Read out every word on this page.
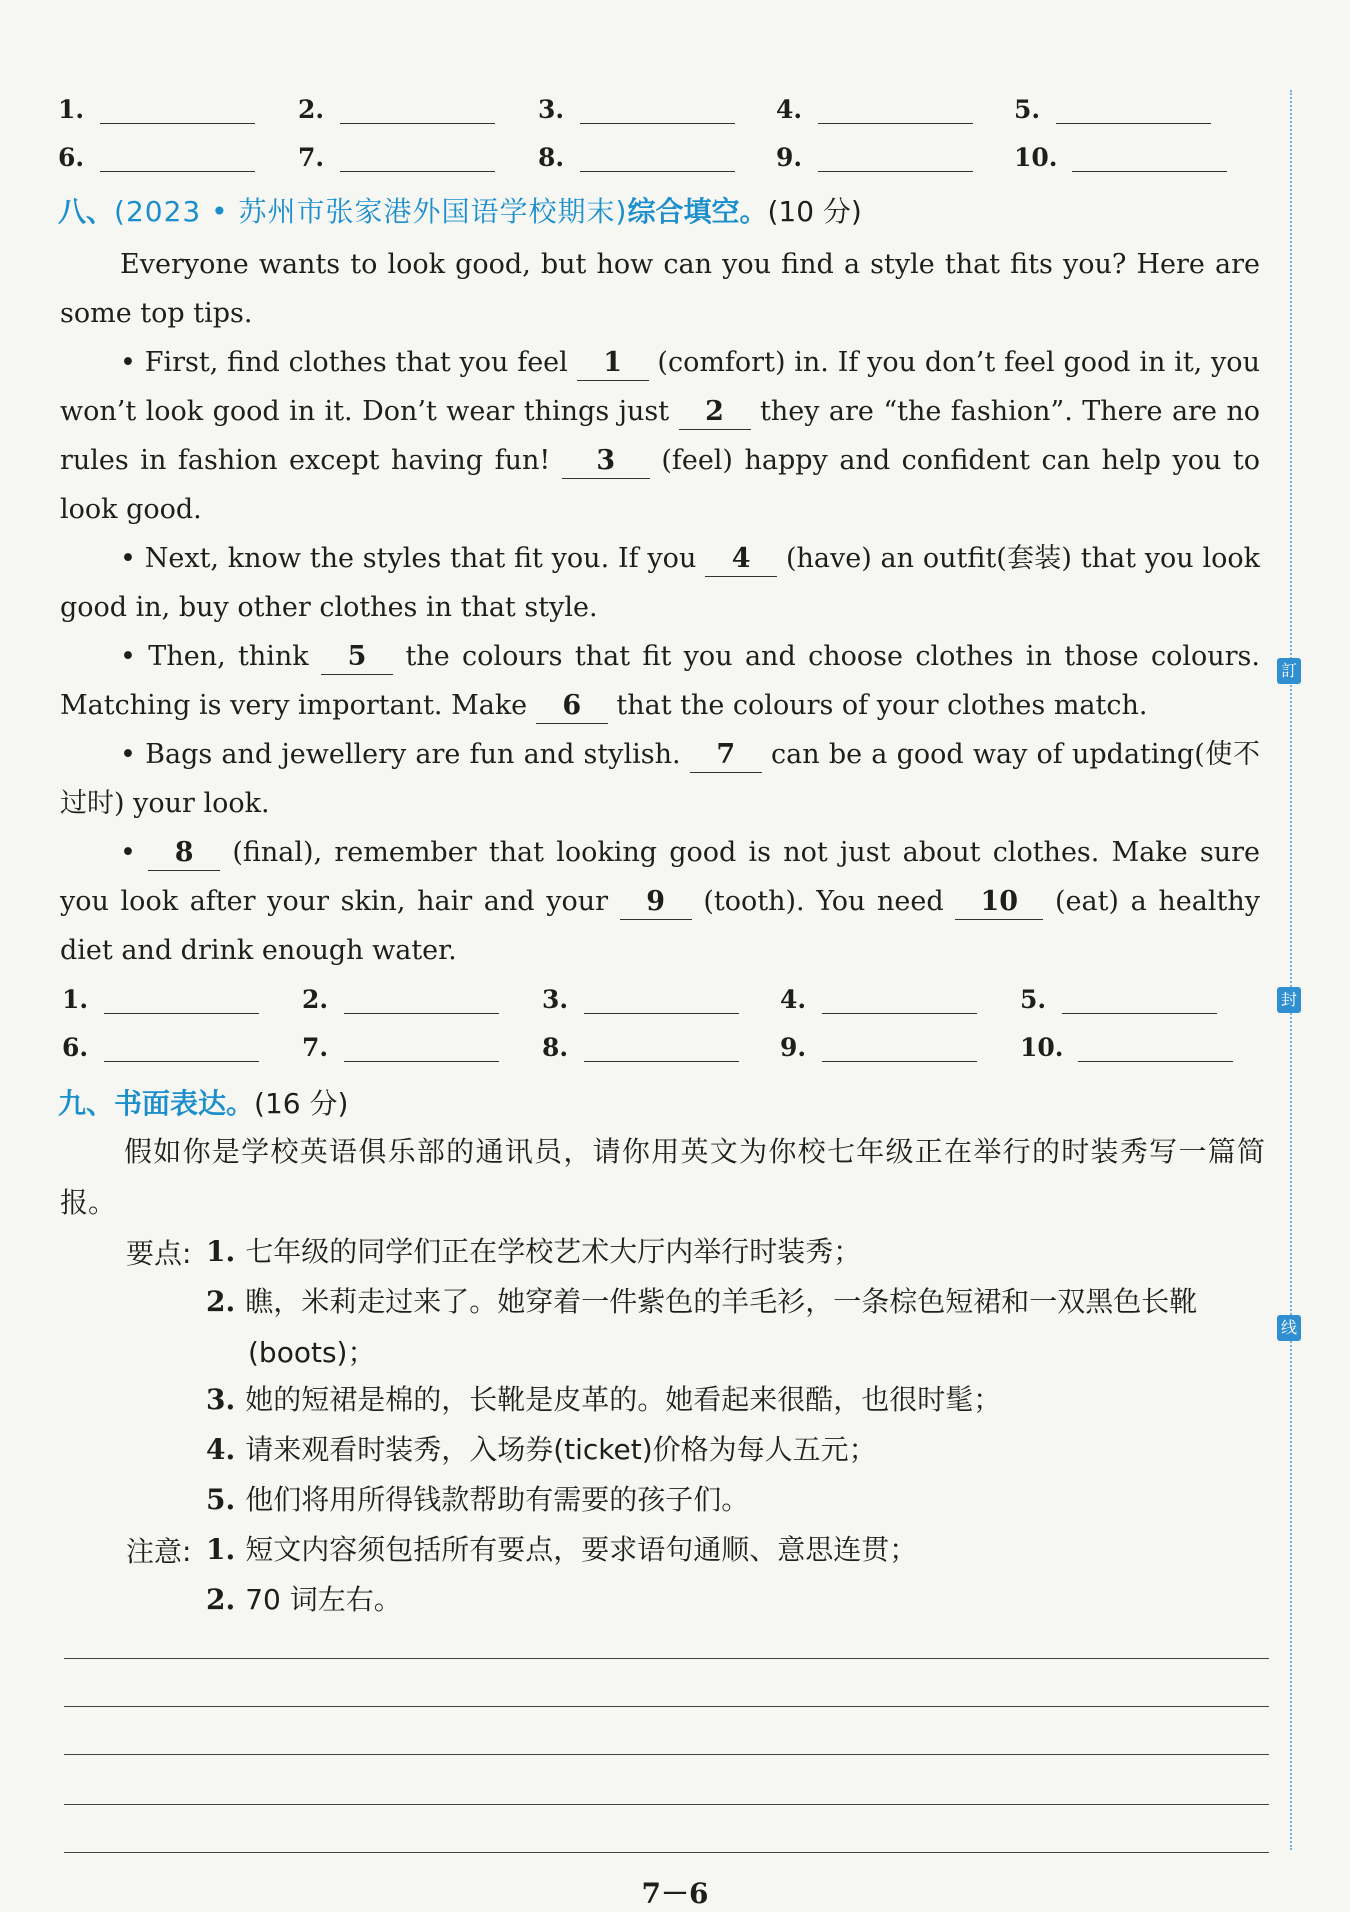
1.	2.	3.	4.	5.
6.	7.	8.	9.	10.
八、(2023 • 苏州市张家港外国语学校期末)综合填空。(10 分)

Everyone wants to look good, but how can you find a style that fits you? Here are some top tips.

• First, find clothes that you feel 1 (comfort) in. If you don’t feel good in it, you won’t look good in it. Don’t wear things just 2 they are “the fashion”. There are no rules in fashion except having fun! 3 (feel) happy and confident can help you to look good.

• Next, know the styles that fit you. If you 4 (have) an outfit(套装) that you look good in, buy other clothes in that style.

• Then, think 5 the colours that fit you and choose clothes in those colours. Matching is very important. Make 6 that the colours of your clothes match.

• Bags and jewellery are fun and stylish. 7 can be a good way of updating(使不过时) your look.

• 8 (final), remember that looking good is not just about clothes. Make sure you look after your skin, hair and your 9 (tooth). You need 10 (eat) a healthy diet and drink enough water.

1.	2.	3.	4.	5.
6.	7.	8.	9.	10.
九、书面表达。(16 分)

假如你是学校英语俱乐部的通讯员，请你用英文为你校七年级正在举行的时装秀写一篇简报。

要点: 1. 七年级的同学们正在学校艺术大厅内举行时装秀；
2. 瞧，米莉走过来了。她穿着一件紫色的羊毛衫，一条棕色短裙和一双黑色长靴(boots)；
3. 她的短裙是棉的，长靴是皮革的。她看起来很酷，也很时髦；
4. 请来观看时装秀，入场券(ticket)价格为每人五元；
5. 他们将用所得钱款帮助有需要的孩子们。
注意: 1. 短文内容须包括所有要点，要求语句通顺、意思连贯；
2. 70 词左右。
訂
封
线
7－6
